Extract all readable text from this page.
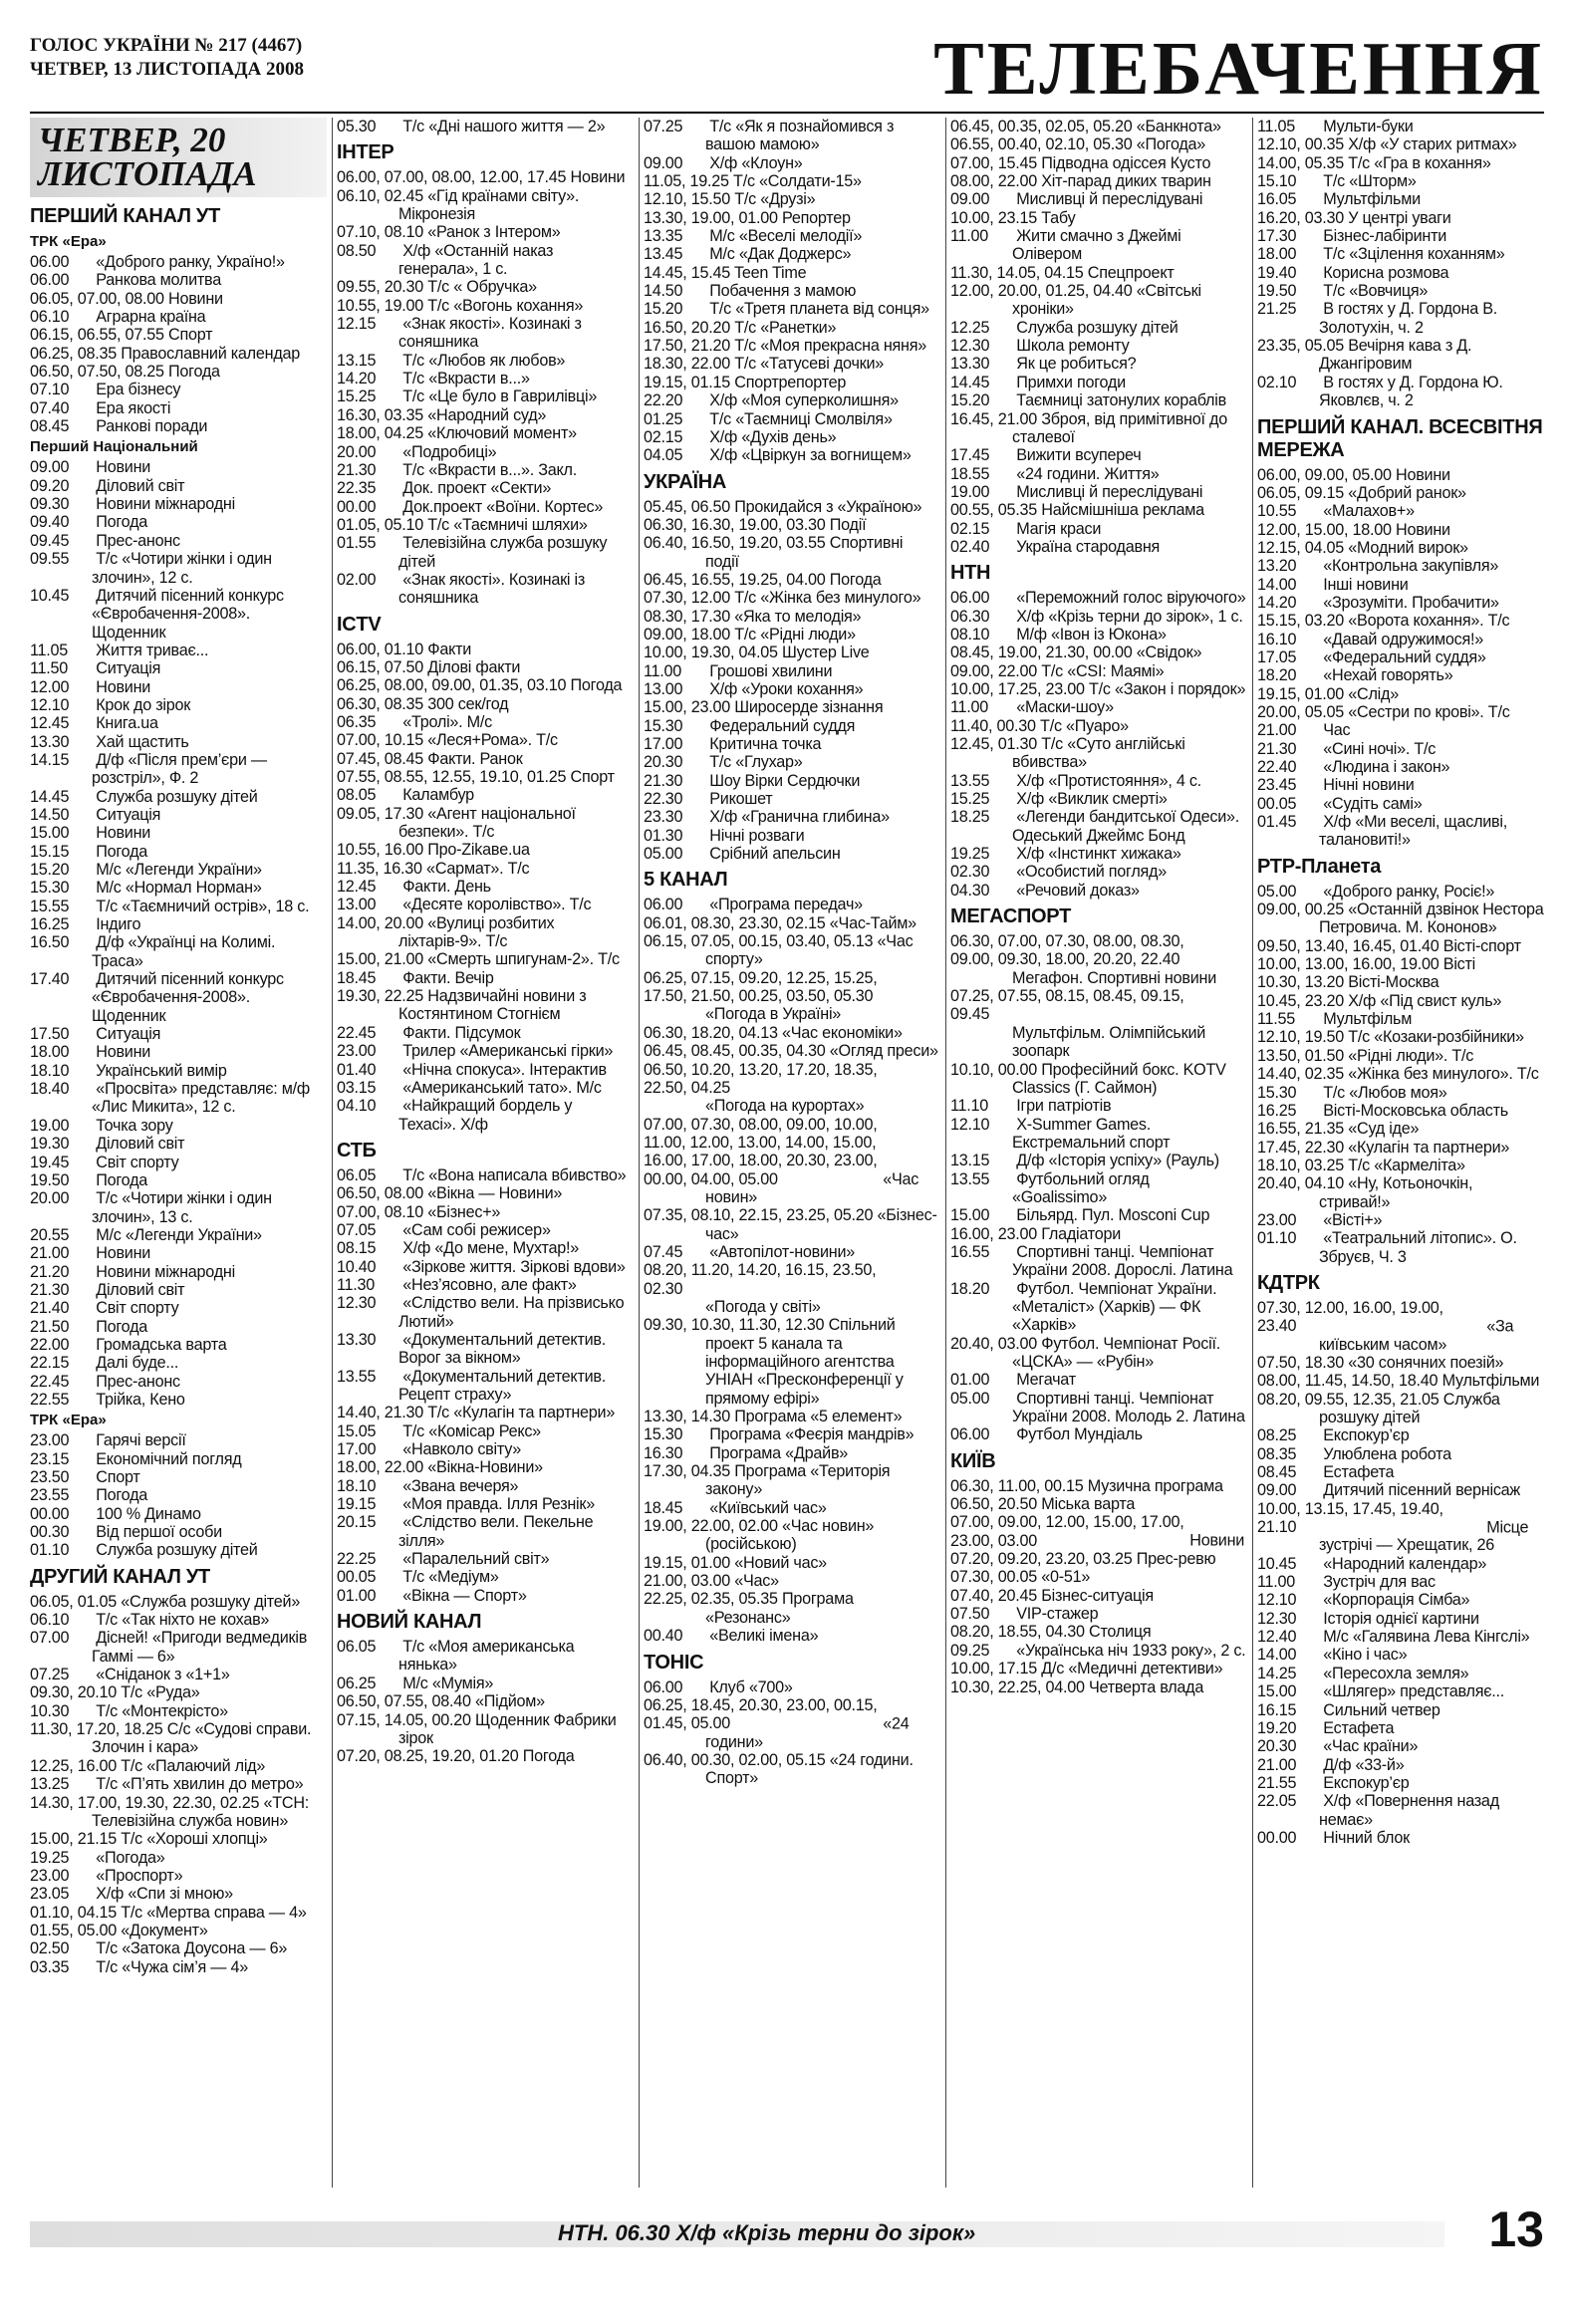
ГОЛОС УКРАЇНИ № 217 (4467)
ЧЕТВЕР, 13 ЛИСТОПАДА 2008	ТЕЛЕБАЧЕННЯ
ЧЕТВЕР, 20 ЛИСТОПАДА
ПЕРШИЙ КАНАЛ УТ
ТРК «Ера»
06.00 «Доброго ранку, Україно!»
06.00 Ранкова молитва
06.05, 07.00, 08.00 Новини
06.10 Аграрна країна
06.15, 06.55, 07.55 Спорт
06.25, 08.35 Православний календар
06.50, 07.50, 08.25 Погода
07.10 Ера бізнесу
07.40 Ера якості
08.45 Ранкові поради
Перший Національний
09.00 Новини
09.20 Діловий світ
09.30 Новини міжнародні
09.40 Погода
09.45 Прес-анонс
09.55 Т/с «Чотири жінки і один злочин», 12 с.
10.45 Дитячий пісенний конкурс «Євробачення-2008». Щоденник
11.05 Життя триває...
11.50 Ситуація
12.00 Новини
12.10 Крок до зірок
12.45 Книга.ua
13.30 Хай щастить
14.15 Д/ф «Після прем’єри — розстріл», Ф. 2
14.45 Служба розшуку дітей
14.50 Ситуація
15.00 Новини
15.15 Погода
15.20 М/с «Легенди України»
15.30 М/с «Нормал Норман»
15.55 Т/с «Таємничий острів», 18 с.
16.25 Індиго
16.50 Д/ф «Українці на Колимі. Траса»
17.40 Дитячий пісенний конкурс «Євробачення-2008». Щоденник
17.50 Ситуація
18.00 Новини
18.10 Український вимір
18.40 «Просвіта» представляє: м/ф «Лис Микита», 12 с.
19.00 Точка зору
19.30 Діловий світ
19.45 Світ спорту
19.50 Погода
20.00 Т/с «Чотири жінки і один злочин», 13 с.
20.55 М/с «Легенди України»
21.00 Новини
21.20 Новини міжнародні
21.30 Діловий світ
21.40 Світ спорту
21.50 Погода
22.00 Громадська варта
22.15 Далі буде...
22.45 Прес-анонс
22.55 Трійка, Кено
ТРК «Ера»
23.00 Гарячі версії
23.15 Економічний погляд
23.50 Спорт
23.55 Погода
00.00 100 % Динамо
00.30 Від першої особи
01.10 Служба розшуку дітей
ДРУГИЙ КАНАЛ УТ
06.05, 01.05 «Служба розшуку дітей»
06.10 Т/с «Так ніхто не кохав»
07.00 Дісней! «Пригоди ведмедиків Гаммі — 6»
07.25 «Сніданок з «1+1»
09.30, 20.10 Т/с «Руда»
10.30 Т/с «Монтекрісто»
11.30, 17.20, 18.25 С/с «Судові справи. Злочин і кара»
12.25, 16.00 Т/с «Палаючий лід»
13.25 Т/с «П’ять хвилин до метро»
14.30, 17.00, 19.30, 22.30, 02.25 «ТСН: Телевізійна служба новин»
15.00, 21.15 Т/с «Хороші хлопці»
19.25 «Погода»
23.00 «Проспорт»
23.05 Х/ф «Спи зі мною»
01.10, 04.15 Т/с «Мертва справа — 4»
01.55, 05.00 «Документ»
02.50 Т/с «Затока Доусона — 6»
03.35 Т/с «Чужа сім’я — 4»
05.30 Т/с «Дні нашого життя — 2»
ІНТЕР
06.00, 07.00, 08.00, 12.00, 17.45 Новини
06.10, 02.45 «Гід країнами світу». Мікронезія
07.10, 08.10 «Ранок з Інтером»
08.50 Х/ф «Останній наказ генерала», 1 с.
09.55, 20.30 Т/с « Обручка»
10.55, 19.00 Т/с «Вогонь кохання»
12.15 «Знак якості». Козинакі з соняшника
13.15 Т/с «Любов як любов»
14.20 Т/с «Вкрасти в...»
15.25 Т/с «Це було в Гаврилівці»
16.30, 03.35 «Народний суд»
18.00, 04.25 «Ключовий момент»
20.00 «Подробиці»
21.30 Т/с «Вкрасти в...». Закл.
22.35 Док. проект «Секти»
00.00 Док.проект «Воїни. Кортес»
01.05, 05.10 Т/с «Таємничі шляхи»
01.55 Телевізійна служба розшуку дітей
02.00 «Знак якості». Козинакі із соняшника
ICTV
06.00, 01.10 Факти
06.15, 07.50 Ділові факти
06.25, 08.00, 09.00, 01.35, 03.10 Погода
06.30, 08.35 300 сек/год
06.35 «Тролі». М/с
07.00, 10.15 «Леся+Рома». Т/с
07.45, 08.45 Факти. Ранок
07.55, 08.55, 12.55, 19.10, 01.25 Спорт
08.05 Каламбур
09.05, 17.30 «Агент національної безпеки». Т/с
10.55, 16.00 Про-Zikaвe.ua
11.35, 16.30 «Сармат». Т/с
12.45 Факти. День
13.00 «Десяте королівство». Т/с
14.00, 20.00 «Вулиці розбитих ліхтарів-9». Т/с
15.00, 21.00 «Смерть шпигунам-2». Т/с
18.45 Факти. Вечір
19.30, 22.25 Надзвичайні новини з Костянтином Стогнієм
22.45 Факти. Підсумок
23.00 Трилер «Американські гірки»
01.40 «Нічна спокуса». Інтерактив
03.15 «Американський тато». М/с
04.10 «Найкращий бордель у Техасі». Х/ф
СТБ
06.05 Т/с «Вона написала вбивство»
06.50, 08.00 «Вікна — Новини»
07.00, 08.10 «Бізнес+»
07.05 «Сам собі режисер»
08.15 Х/ф «До мене, Мухтар!»
10.40 «Зіркове життя. Зіркові вдови»
11.30 «Нез’ясовно, але факт»
12.30 «Слідство вели. На прізвисько Лютий»
13.30 «Документальний детектив. Ворог за вікном»
13.55 «Документальний детектив. Рецепт страху»
14.40, 21.30 Т/с «Кулагін та партнери»
15.05 Т/с «Комісар Рекс»
17.00 «Навколо світу»
18.00, 22.00 «Вікна-Новини»
18.10 «Звана вечеря»
19.15 «Моя правда. Ілля Резнік»
20.15 «Слідство вели. Пекельне зілля»
22.25 «Паралельний світ»
00.05 Т/с «Медіум»
01.00 «Вікна — Спорт»
НОВИЙ КАНАЛ
06.05 Т/с «Моя американська нянька»
06.25 М/с «Мумія»
06.50, 07.55, 08.40 «Підйом»
07.15, 14.05, 00.20 Щоденник Фабрики зірок
07.20, 08.25, 19.20, 01.20 Погода
07.25 Т/с «Як я познайомився з вашою мамою»
09.00 Х/ф «Клоун»
11.05, 19.25 Т/с «Солдати-15»
12.10, 15.50 Т/с «Друзі»
13.30, 19.00, 01.00 Репортер
13.35 М/с «Веселі мелодії»
13.45 М/с «Дак Доджерс»
14.45, 15.45 Teen Time
14.50 Побачення з мамою
15.20 Т/с «Третя планета від сонця»
16.50, 20.20 Т/с «Ранетки»
17.50, 21.20 Т/с «Моя прекрасна няня»
18.30, 22.00 Т/с «Татусеві дочки»
19.15, 01.15 Спортрепортер
22.20 Х/ф «Моя суперколишня»
01.25 Т/с «Таємниці Смолвіля»
02.15 Х/ф «Духів день»
04.05 Х/ф «Цвіркун за вогнищем»
УКРАЇНА
05.45, 06.50 Прокидайся з «Україною»
06.30, 16.30, 19.00, 03.30 Події
06.40, 16.50, 19.20, 03.55 Спортивні події
06.45, 16.55, 19.25, 04.00 Погода
07.30, 12.00 Т/с «Жінка без минулого»
08.30, 17.30 «Яка то мелодія»
09.00, 18.00 Т/с «Рідні люди»
10.00, 19.30, 04.05 Шустер Live
11.00 Грошові хвилини
13.00 Х/ф «Уроки кохання»
15.00, 23.00 Широсерде зізнання
15.30 Федеральний суддя
17.00 Критична точка
20.30 Т/с «Глухар»
21.30 Шоу Вірки Сердючки
22.30 Рикошет
23.30 Х/ф «Гранична глибина»
01.30 Нічні розваги
05.00 Срібний апельсин
5 КАНАЛ
06.00 «Програма передач»
06.01, 08.30, 23.30, 02.15 «Час-Тайм»
06.15, 07.05, 00.15, 03.40, 05.13 «Час спорту»
06.25, 07.15, 09.20, 12.25, 15.25, 17.50, 21.50, 00.25, 03.50, 05.30 «Погода в Україні»
06.30, 18.20, 04.13 «Час економіки»
06.45, 08.45, 00.35, 04.30 «Огляд преси»
06.50, 10.20, 13.20, 17.20, 18.35, 22.50, 04.25 «Погода на курортах»
07.00, 07.30, 08.00, 09.00, 10.00, 11.00, 12.00, 13.00, 14.00, 15.00, 16.00, 17.00, 18.00, 20.30, 23.00, 00.00, 04.00, 05.00	«Час новин»
07.35, 08.10, 22.15, 23.25, 05.20 «Бізнес-час»
07.45 «Автопілот-новини»
08.20, 11.20, 14.20, 16.15, 23.50, 02.30 «Погода у світі»
09.30, 10.30, 11.30, 12.30 Спільний проект 5 канала та інформаційного агентства УНІАН «Пресконференції у прямому ефірі»
13.30, 14.30 Програма «5 елемент»
15.30 Програма «Феєрія мандрів»
16.30 Програма «Драйв»
17.30, 04.35 Програма «Територія закону»
18.45 «Київський час»
19.00, 22.00, 02.00 «Час новин» (російською)
19.15, 01.00 «Новий час»
21.00, 03.00 «Час»
22.25, 02.35, 05.35 Програма «Резонанс»
00.40 «Великі імена»
ТОНІС
06.00 Клуб «700»
06.25, 18.45, 20.30, 23.00, 00.15, 01.45, 05.00	«24 години»
06.40, 00.30, 02.00, 05.15 «24 години. Спорт»
06.45, 00.35, 02.05, 05.20 «Банкнота»
06.55, 00.40, 02.10, 05.30 «Погода»
07.00, 15.45 Підводна одіссея Кусто
08.00, 22.00 Хіт-парад диких тварин
09.00 Мисливці й переслідувані
10.00, 23.15 Табу
11.00 Жити смачно з Джеймі Олівером
11.30, 14.05, 04.15 Спецпроект
12.00, 20.00, 01.25, 04.40 «Світські хроніки»
12.25 Служба розшуку дітей
12.30 Школа ремонту
13.30 Як це робиться?
14.45 Примхи погоди
15.20 Таємниці затонулих кораблів
16.45, 21.00 Зброя, від примітивної до сталевої
17.45 Вижити всупереч
18.55 «24 години. Життя»
19.00 Мисливці й переслідувані
00.55, 05.35 Найсмішніша реклама
02.15 Магія краси
02.40 Україна стародавня
НТН
06.00 «Переможний голос віруючого»
06.30 Х/ф «Крізь терни до зірок», 1 с.
08.10 М/ф «Івон із Юкона»
08.45, 19.00, 21.30, 00.00 «Свідок»
09.00, 22.00 Т/с «CSI: Маямі»
10.00, 17.25, 23.00 Т/с «Закон і порядок»
11.00 «Маски-шоу»
11.40, 00.30 Т/с «Пуаро»
12.45, 01.30 Т/с «Суто англійські вбивства»
13.55 Х/ф «Протистояння», 4 с.
15.25 Х/ф «Виклик смерті»
18.25 «Легенди бандитської Одеси». Одеський Джеймс Бонд
19.25 Х/ф «Інстинкт хижака»
02.30 «Особистий погляд»
04.30 «Речовий доказ»
МЕГАСПОРТ
06.30, 07.00, 07.30, 08.00, 08.30, 09.00, 09.30, 18.00, 20.20, 22.40 Мегафон. Спортивні новини
07.25, 07.55, 08.15, 08.45, 09.15, 09.45 Мультфільм. Олімпійський зоопарк
10.10, 00.00 Професійний бокс. KOTV Classics (Г. Саймон)
11.10 Ігри патріотів
12.10 X-Summer Games. Екстремальний спорт
13.15 Д/ф «Історія успіху» (Рауль)
13.55 Футбольний огляд «Goalissimo»
15.00 Більярд. Пул. Mosconi Cup
16.00, 23.00 Гладіатори
16.55 Спортивні танці. Чемпіонат України 2008. Дорослі. Латина
18.20 Футбол. Чемпіонат України. «Металіст» (Харків) — ФК «Харків»
20.40, 03.00 Футбол. Чемпіонат Росії. «ЦСКА» — «Рубін»
01.00 Мегачат
05.00 Спортивні танці. Чемпіонат України 2008. Молодь 2. Латина
06.00 Футбол Мундіаль
КИЇВ
06.30, 11.00, 00.15 Музична програма
06.50, 20.50 Міська варта
07.00, 09.00, 12.00, 15.00, 17.00, 23.00, 03.00	Новини
07.20, 09.20, 23.20, 03.25 Прес-ревю
07.30, 00.05 «0-51»
07.40, 20.45 Бізнес-ситуація
07.50 VIP-стажер
08.20, 18.55, 04.30 Столиця
09.25 «Українська ніч 1933 року», 2 с.
10.00, 17.15 Д/с «Медичні детективи»
10.30, 22.25, 04.00 Четверта влада
11.05 Мульти-буки
12.10, 00.35 Х/ф «У старих ритмах»
14.00, 05.35 Т/с «Гра в кохання»
15.10 Т/с «Шторм»
16.05 Мультфільми
16.20, 03.30 У центрі уваги
17.30 Бізнес-лабіринти
18.00 Т/с «Зцілення коханням»
19.40 Корисна розмова
19.50 Т/с «Вовчиця»
21.25 В гостях у Д. Гордона В. Золотухін, ч. 2
23.35, 05.05 Вечірня кава з Д. Джангіровим
02.10 В гостях у Д. Гордона Ю. Яковлєв, ч. 2
ПЕРШИЙ КАНАЛ. ВСЕСВІТНЯ МЕРЕЖА
06.00, 09.00, 05.00 Новини
06.05, 09.15 «Добрий ранок»
10.55 «Малахов+»
12.00, 15.00, 18.00 Новини
12.15, 04.05 «Модний вирок»
13.20 «Контрольна закупівля»
14.00 Інші новини
14.20 «Зрозуміти. Пробачити»
15.15, 03.20 «Ворота кохання». Т/с
16.10 «Давай одружимося!»
17.05 «Федеральний суддя»
18.20 «Нехай говорять»
19.15, 01.00 «Слід»
20.00, 05.05 «Сестри по крові». Т/с
21.00 Час
21.30 «Сині ночі». Т/с
22.40 «Людина і закон»
23.45 Нічні новини
00.05 «Судіть самі»
01.45 Х/ф «Ми веселі, щасливі, талановиті!»
РТР-Планета
05.00 «Доброго ранку, Росіє!»
09.00, 00.25 «Останній дзвінок Нестора Петровича. М. Кононов»
09.50, 13.40, 16.45, 01.40 Вісті-спорт
10.00, 13.00, 16.00, 19.00 Вісті
10.30, 13.20 Вісті-Москва
10.45, 23.20 Х/ф «Під свист куль»
11.55 Мультфільм
12.10, 19.50 Т/с «Козаки-розбійники»
13.50, 01.50 «Рідні люди». Т/с
14.40, 02.35 «Жінка без минулого». Т/с
15.30 Т/с «Любов моя»
16.25 Вісті-Московська область
16.55, 21.35 «Суд іде»
17.45, 22.30 «Кулагін та партнери»
18.10, 03.25 Т/с «Кармеліта»
20.40, 04.10 «Ну, Котьоночкін, стривай!»
23.00 «Вісті+»
01.10 «Театральний літопис». О. Збруєв, Ч. 3
КДТРК
07.30, 12.00, 16.00, 19.00, 23.40	«За київським часом»
07.50, 18.30 «30 сонячних поезій»
08.00, 11.45, 14.50, 18.40 Мультфільми
08.20, 09.55, 12.35, 21.05 Служба розшуку дітей
08.25 Експокур’єр
08.35 Улюблена робота
08.45 Естафета
09.00 Дитячий пісенний вернісаж
10.00, 13.15, 17.45, 19.40, 21.10	Місце зустрічі — Хрещатик, 26
10.45 «Народний календар»
11.00 Зустріч для вас
12.10 «Корпорація Сімба»
12.30 Історія однієї картини
12.40 М/с «Галявина Лева Кінгслі»
14.00 «Кіно і час»
14.25 «Пересохла земля»
15.00 «Шлягер» представляє...
16.15 Сильний четвер
19.20 Естафета
20.30 «Час країни»
21.00 Д/ф «33-й»
21.55 Експокур’єр
22.05 Х/ф «Повернення назад немає»
00.00 Нічний блок
НТН. 06.30 Х/ф «Крізь терни до зірок»	13
